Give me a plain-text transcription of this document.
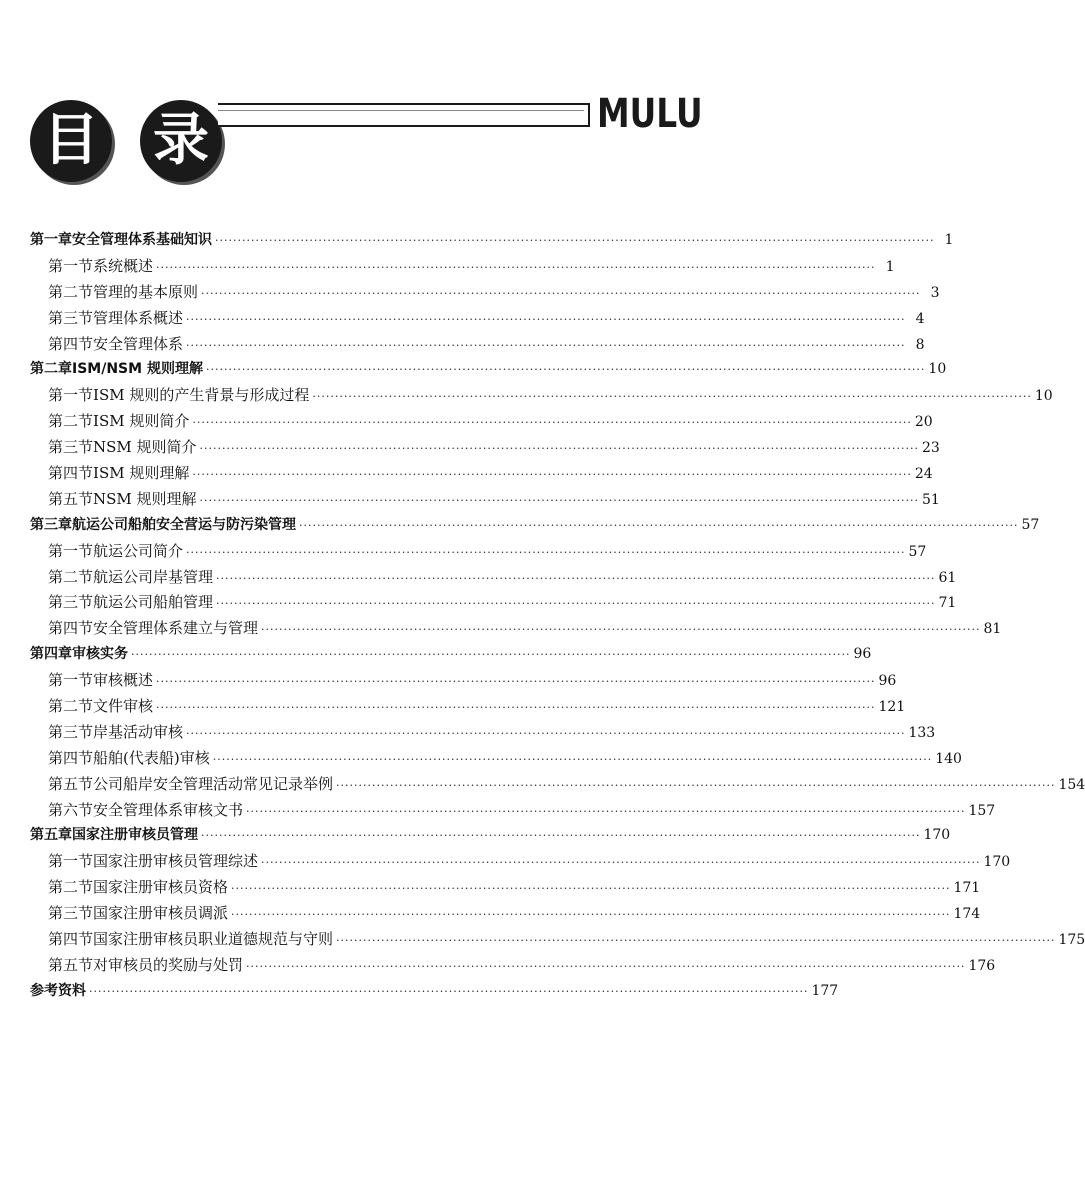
目 录	MULU
第一章 安全管理体系基础知识 ································································································································································ 1
第一节 系统概述 ································································································································································ 1
第二节 管理的基本原则 ································································································································································ 3
第三节 管理体系概述 ································································································································································ 4
第四节 安全管理体系 ································································································································································ 8
第二章 ISM/NSM 规则理解 ································································································································································ 10
第一节 ISM 规则的产生背景与形成过程 ································································································································································ 10
第二节 ISM 规则简介 ································································································································································ 20
第三节 NSM 规则简介 ································································································································································ 23
第四节 ISM 规则理解 ································································································································································ 24
第五节 NSM 规则理解 ································································································································································ 51
第三章 航运公司船舶安全营运与防污染管理 ································································································································································ 57
第一节 航运公司简介 ································································································································································ 57
第二节 航运公司岸基管理 ································································································································································ 61
第三节 航运公司船舶管理 ································································································································································ 71
第四节 安全管理体系建立与管理 ································································································································································ 81
第四章 审核实务 ································································································································································ 96
第一节 审核概述 ································································································································································ 96
第二节 文件审核 ································································································································································ 121
第三节 岸基活动审核 ································································································································································ 133
第四节 船舶(代表船)审核 ································································································································································ 140
第五节 公司船岸安全管理活动常见记录举例 ································································································································································ 154
第六节 安全管理体系审核文书 ································································································································································ 157
第五章 国家注册审核员管理 ································································································································································ 170
第一节 国家注册审核员管理综述 ································································································································································ 170
第二节 国家注册审核员资格 ································································································································································ 171
第三节 国家注册审核员调派 ································································································································································ 174
第四节 国家注册审核员职业道德规范与守则 ································································································································································ 175
第五节 对审核员的奖励与处罚 ································································································································································ 176
参考资料 ································································································································································ 177
